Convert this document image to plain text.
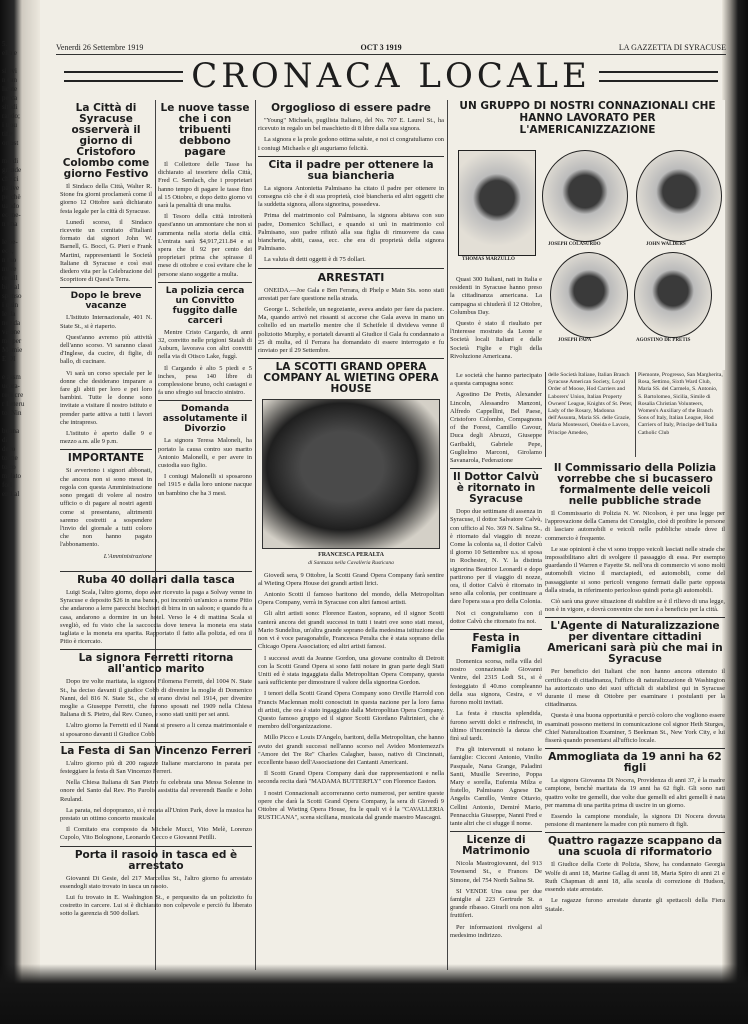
5.
ella e

si evi
n can
licate
perca
situdi
rando;
i trou
tifir
orrost

mo di
grande
che ci
pative
perchè
uando
econe-
n una

le be-
eco,
n mo
nuire
recall
bile al
sponso
i quin
le da
nee da
visone
me per
Momie
E DI

e assm
ucora-
redi cre
r Leteru
to. Nin

buona
di
deco
to me
to co
malato
fori
enti al
Venerdi 26 Settembre 1919	OCT 3 1919	LA GAZZETTA DI SYRACUSE
CRONACA LOCALE
La Città di Syracuse osserverà il giorno di Cristoforo Colombo come giorno Festivo

Il Sindaco della Città, Walter R. Stone fra giorni proclamerà come il giorno 12 Ottobre sarà dichiarato festa legale per la città di Syracuse.

Lunedì scorso, il Sindaco ricevette un comitato d'Italiani formato dai signori John W. Barnell, G. Bocci, G. Pieri e Frank Martini, rappresentanti le Società Italiane di Syracuse e così essi diedero vita per la Celebrazione del Scopritore di Quest'a Terra.

Dopo le breve vacanze

L'Istituto Internazionale, 401 N. State St., si è riaperto.

Quest'anno avremo più attività dell'anno scorso. Vi saranno classi d'Inglese, da cucire, di figlie, di ballo, di cucinare.

Vi sarà un corso speciale per le donne che desiderano imparare a fare gli abiti per loro e pei loro bambini. Tutte le donne sono invitate a visitare il nostro istituto e prender parte attiva a tutti i lavori che intrapreso.

L'istituto è aperto dalle 9 e mezzo a.m. alle 9 p.m.

IMPORTANTE

Si avvertono i signori abbonati, che ancora non si sono messi in regola con questa Amministrazione sono pregati di volere al nostro ufficio o di pagare al nostri agenti come si presentano, altrimenti saremo costretti a sospendere l'invio del giornale a tutti coloro che non hanno pagato l'abbonamento.

L'Amministrazione
Le nuove tasse che i con tribuenti debbono pagare

Il Collettore delle Tasse ha dichiarato al tesoriere della Città, Fred C. Semlach, che i proprietari hanno tempo di pagare le tasse fino al 15 Ottobre, e dopo detto giorno vi sarà la penalità di una multa.

Il Tesoro della città introiterà quest'anno un ammontare che non si rammenta nella storia della città. L'entrata sarà $4,917,211.84 e si spera che il 92 per cento dei proprietari prima che spirasse il mese di ottobre e così evitare che le persone siano soggette a multa.

La polizia cerca un Convitto fuggito dalle carceri

Mentre Cristo Cargardo, di anni 32, convitto nelle prigioni Statali di Auburn, lavorava con altri convitti nella via di Otisco Lake, fuggì.

Il Cargando è alto 5 piedi e 5 inches, pesa 140 libre di complessione bruno, ochi castagni e fa uno sfregio sul braccio sinistro.

Domanda assolutamente il Divorzio

La signora Teresa Maloneli, ha portato la causa contro suo marito Antonio Malonelli, e per avere in custodia suo figlio.

I coniugi Malonelli si sposarono nel 1915 e dalla loro unione nacque un bambino che ha 3 mesi.

Ruba 40 dollari dalla tasca

Luigi Scala, l'altro giorno, dopo aver ricevuto la paga a Solvay venne in Syracuse e deposito $26 in una banca, poi incontrò un'amico a nome Pitio che andarono a lerre parecchi bicchieri di birra in un saloon; e quando fu a casa, andarono a dormire in un hotel. Verso le 4 di mattina Scala si svegliò, ed fu visto che la saccoccia dove teneva la moneta era stata tagliata e la moneta era sparita. Rapportato il fatto alla polizia, ed ora il Pitio è ricercato.

La signora Ferretti ritorna all'antico marito

Dopo tre volte maritata, la signora Filomena Ferretti, del 1004 N. State St., ha deciso davanti il giudice Cobb di divenire la moglie di Domenico Nanni, del 816 N. State St., che si erano divisi nel 1914, per divenire moglie a Giuseppe Ferretti, che furono sposati nel 1909 nella Chiesa Italiana di S. Pietro, dal Rev. Cuneo, e sono stati uniti per sei anni.

L'altro giorno la Ferretti ed il Nanni si presero a li cenza matrimoniale e si sposarono davanti il Giudice Cobb.

La Festa di San Vincenzo Ferreri

L'altro giorno più di 200 ragazze Italiane marciarono in parata per festeggiare la festa di San Vincenzo Ferreri.

Nella Chiesa Italiana di San Pietro fu celebrata una Messa Solenne in onore del Santo dal Rev. Pio Parolis assistita dal reverendi Basile e John Reuland.

La parata, nel dopopranzo, si è recata all'Union Park, dove la musica ha prestato un ottimo concerto musicale.

Il Comitato era composto da Michele Mucci, Vito Melè, Lorenzo Cupolo, Vito Bolognone, Leonardo Cecco e Giovanni Petilli.

Porta il rasoio in tasca ed è arrestato

Giovanni Di Gesie, del 217 Marcellus St., l'altro giorno fu arrestato essendogli stato trovato in tasca un rasoio.

Lui fu trovato in E. Washington St., e perquesito da un poliziotto fu costretto in carcere. Lui si è dichiarato non colpevole e perciò fu liberato sotto la garenzia di 500 dollari.

Orgoglioso di essere padre

"Young" Michaels, pugilista Italiano, del No. 707 E. Laurel St., ha ricevuto in regalo un bel maschietto di 8 libre dalla sua signora.

La signora e la prole godono ottima salute, e noi ci congratuliamo con i coniugi Michaels e gli auguriamo felicità.

Cita il padre per ottenere la sua biancheria

La signora Antonietta Palmisano ha citato il padre per ottenere in consegna ciò che è di sua proprietà, cioè biancheria ed altri oggetti che la suddetta signora, allora signorina, possedeva.

Prima del matrimonio col Palmisano, la signora abitava con suo padre, Domenico Schillaci, e quando si unì in matrimonio col Palmisano, suo padre rifiutò alla sua figlia di rimuovere da casa biancheria, abiti, cassa, ecc. che era di proprietà della signora Palmisano.

La valuta di detti oggetti è di 75 dollari.

ARRESTATI

ONEIDA.—Joe Gala e Ben Ferrara, di Phelp e Main Sts. sono stati arrestati per fare questione nella strada.

George L. Scheifele, un negoziante, aveva andato per fare da paciere. Ma, quando arrivò nei rissanti si accorse che Gala aveva in mano un coltello ed un martello mentre che il Scheifele il divideva venne il poliziotto Murphy, e portateli davanti al Giudice il Gala fu condannato a 25 di multa, ed il Ferrara ha domandato di essere interrogato e fu rinviato per il 29 Settembre.

LA SCOTTI GRAND OPERA COMPANY AL WIETING OPERA HOUSE
FRANCESCA PERALTA
di Santuzza nella Cavalleria Rusticana

Giovedì sera, 9 Ottobre, la Scotti Grand Opera Company farà sentire al Wieting Opera House dei grandi artisti lirici.

Antonio Scotti il famoso baritono del mondo, della Metropolitan Opera Company, verrà in Syracuse con altri famosi artisti.

Gli altri artisti sono: Florence Easton, soprano, ed il signor Scotti canterà ancora dei grandi successi in tutti i teatri ove sono stati messi, Mario Sundelius, un'altra grande soprano della medesima istituzione che non vi è voce paragonabile, Francesca Peralta che è stata soprano della Chicago Opera Association; ed altri artisti famosi.

I successi avuti da Jeanne Gordon, una giovane contralto di Detroit con la Scotti Grand Opera si sono fatti notare in gran parte degli Stati Uniti ed è stata ingaggiata dalla Metropolitan Opera Company, questa sarà sufficiente per dimostrare il valore della signorina Gordon.

I tenori della Scotti Grand Opera Company sono Orville Harrold con Francis Maclennan molti conosciuti in questa nazione per la loro fama di artisti, che ora è stato ingaggiato dalla Metropolitan Opera Company. Questo famoso gruppo ed il signor Scotti Giordano Paltrinieri, che è membro dell'organizzazione.

Millo Picco e Louis D'Angelo, baritoni, della Metropolitan, che hanno avuto dei grandi successi nell'anno scorso nel Avideo Montemezzi's "Amore dei Tre Re" Charles Calagher, basso, nativo di Cincinnati, eccellente basso dell'Associazione dei Cantanti Americani.

Il Scotti Grand Opera Company darà due rappresentazioni e nella seconda recita darà "MADAMA BUTTERFLY" con Florence Easton.

I nostri Connazionali accorreranno certo numerosi, per sentire queste opere che darà la Scotti Grand Opera Company, la sera di Giovedì 9 Ottobre al Wieting Opera House, fra le quali vi è la "CAVALLERIA RUSTICANA", scena siciliana, musicata dal grande maestro Mascagni.

UN GRUPPO DI NOSTRI CONNAZIONALI CHE HANNO LAVORATO PER L'AMERICANIZZAZIONE
THOMAS MARZULLO
JOSEPH COLASURDO	JOHN WALDERS
JOSEPH PAPA	AGOSTINO DE PRETIS

Quasi 300 Italiani, nati in Italia e residenti in Syracuse hanno preso la cittadinanza americana. La campagna si chiuderà il 12 Ottobre, Columbus Day.

Questo è stato il risultato per l'interesse mostrato da Leone e Società locali Italiani e dalle Società Figlie e Figli della Rivoluzione Americana.

Le società che hanno partecipato a questa campagna sono:

Agostino De Pretis, Alexander Lincoln, Alessandro Manzoni, Alfredo Cappellini, Bel Paese, Cristoforo Colombo, Compagnons of the Forest, Camillo Cavour, Duca degli Abruzzi, Giuseppe Garibaldi, Gabriele Pepe, Guglielmo Marconi, Girolamo Savanarola, Federazione

Il Dottor Calvù è ritornato in Syracuse

Dopo due settimane di assenza in Syracuse, il dottor Salvatore Calvù, con ufficio al No. 369 N. Salina St., è ritornato dal viaggio di nozze. Come la colonia sa, il dottor Calvù il giorno 10 Settembre u.s. si sposa in Rochester, N. Y. la distinta signorina Beatrice Leonardi e dopo partirono per il viaggio di nozze, ora, il dottor Calvù è ritornato in seno alla colonia, per continuare a dare l'opera sua a pro della Colonia.

Noi ci congratuliamo con il dottor Calvù che ritornato fra noi.

Festa in Famiglia

Domenica scorsa, nella villa del nostro connazionale Giovanni Ventre, del 2315 Lodi St., si è festeggiato il 40.mo compleanno della sua signora, Cesira, e vi furono molti invitati.

La festa è riuscita splendida, furono serviti dolci e rinfreschi, in ultimo il'incominciò la danza che finì sul tardi.

Fra gli intervenuti si notano le famiglie: Cicconi Antonio, Vinilio Pasquale, Nana Grange, Paladini Santi, Musille Severino, Poppa Mary e sorella, Eufemia Milza e fratello, Palmisano Agnese De Angelis Camillo, Ventre Ottavio, Cellini Antonio, Demiré Mario, Pennacchia Giuseppe, Nanni Fred e tante altri che ci sfugge il nome.

Licenze di Matrimonio

Nicola Mastrogiovanni, del 913 Townsend St., e Frances De Simone, del 754 North Salina St.

SI VENDE Una casa per due famiglie al 223 Gertrude St. a grande ribasso. Girarli ora non altri fruttiferi.

Per informazioni rivolgersi al medesimo indirizzo.

delle Società Italiane, Italian Branch Syracuse American Society, Loyal Order of Moose, Hod Carriers and Laborers' Union, Italian Property Owners' League, Knights of St. Peter, Lady of the Rosary, Madonna dell'Assunta, Maria SS. delle Grazie, Maria Montessori, Oneida e Lavoro, Principe Amedeo,
Piemonte, Progresso, San Margherita, Rosa, Settimo, Sixth Ward Club, Maria SS. del Carmelo, S. Antonio, S. Bartolomeo, Sicilia, Simile di Rosalia Christian Volunteers, Women's Auxiliary of the Branch Sons of Italy, Italian League, Hod Carriers of Italy, Principe dell'Italia Catholic Club
Il Commissario della Polizia vorrebbe che si bucassero formalmente delle veicoli nelle pubbliche strade

Il Commissario di Polizia N. W. Nicolson, è per una legge per l'approvazione della Camera dei Consiglio, cioè di proibire le persone di lasciare automobili e veicoli nelle pubbliche strade dove il commercio è frequente.

Le sue opinioni è che vi sono troppo veicoli lasciati nelle strade che impossibilitano altri di svolgere il passaggio di essa. Per esempio guardando il Warren e Fayette St. nell'ora di commercio vi sono molti automobili vicino il marciapiedi, ed automobili, come del passaggiante si sono pericoli vengono fermati dalle parte opposta dalla strada, in riferimento pericoloso quindi porta gli automobili.

Ciò sarà una grave situazione di stabilire se è il rilievo di una legge, non è in vigore, e dovrà convenire che non è a beneficio per la città.

L'Agente di Naturalizzazione per diventare cittadini Americani sarà più che mai in Syracuse

Per beneficio dei Italiani che non hanno ancora ottenuto il certificato di cittadinanza, l'ufficio di naturalizzazione di Washington ha autorizzato uno dei suoi ufficiali di stabilirsi qui in Syracuse durante il mese di Ottobre per esaminare i postulanti per la cittadinanza.

Questa è una buona opportunità e perciò coloro che vogliono essere esaminati possono mettersi in comunicazione col signor Heth Sturges, Chief Naturalization Examiner, 5 Beekman St., New York City, e lui fisserà quando presentarsi all'ufficio locale.

Ammogliata da 19 anni ha 62 figli

La signora Giovanna Di Nocera, Providenza di anni 37, è la madre campione, benchè maritata da 19 anni ha 62 figli. Gli sono nati quattro volte tre gemelli, due volte due gemelli ed altri gemelli è nata per mamma di una partita prima di uscire in un giorno.

Essendo la campione mondiale, la signora Di Nocera dovuta pensione di mantenere la madre con più numero di figli.

Quattro ragazze scappano da una scuola di riformatorio

Il Giudice della Corte di Polizia, Show, ha condannato Georgia Wolfe di anni 18, Marine Gallag di anni 18, Maria Spiro di anni 21 e Ruth Chapman di anni 18, alla scuola di correzione di Hudson, essendo state arrestate.

Le ragazze furono arrestate durante gli spettacoli della Fiera Statale.
